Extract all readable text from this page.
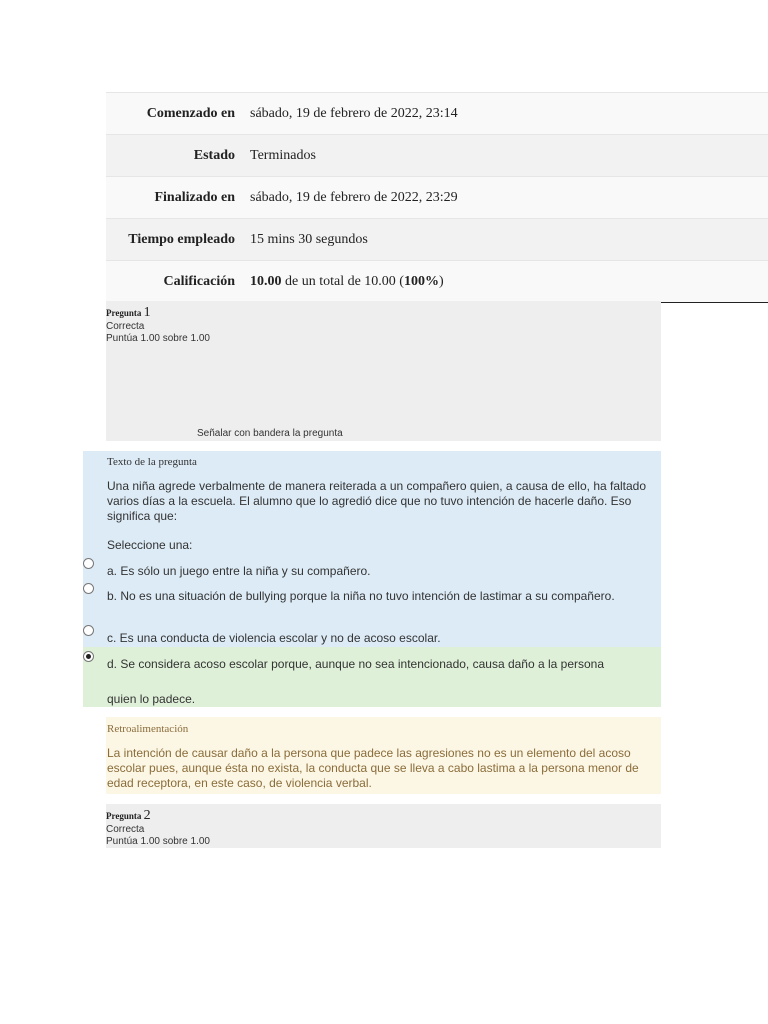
Comenzado en	sábado, 19 de febrero de 2022, 23:14
Estado	Terminados
Finalizado en	sábado, 19 de febrero de 2022, 23:29
Tiempo empleado	15 mins 30 segundos
Calificación	10.00 de un total de 10.00 (100%)
Pregunta 1
Correcta
Puntúa 1.00 sobre 1.00
Señalar con bandera la pregunta
Texto de la pregunta
Una niña agrede verbalmente de manera reiterada a un compañero quien, a causa de ello, ha faltado varios días a la escuela. El alumno que lo agredió dice que no tuvo intención de hacerle daño. Eso significa que:
Seleccione una:
a. Es sólo un juego entre la niña y su compañero.
b. No es una situación de bullying porque la niña no tuvo intención de lastimar a su compañero.
c. Es una conducta de violencia escolar y no de acoso escolar.
d. Se considera acoso escolar porque, aunque no sea intencionado, causa daño a la persona
quien lo padece.
Retroalimentación
La intención de causar daño a la persona que padece las agresiones no es un elemento del acoso escolar pues, aunque ésta no exista, la conducta que se lleva a cabo lastima a la persona menor de edad receptora, en este caso, de violencia verbal.
Pregunta 2
Correcta
Puntúa 1.00 sobre 1.00
